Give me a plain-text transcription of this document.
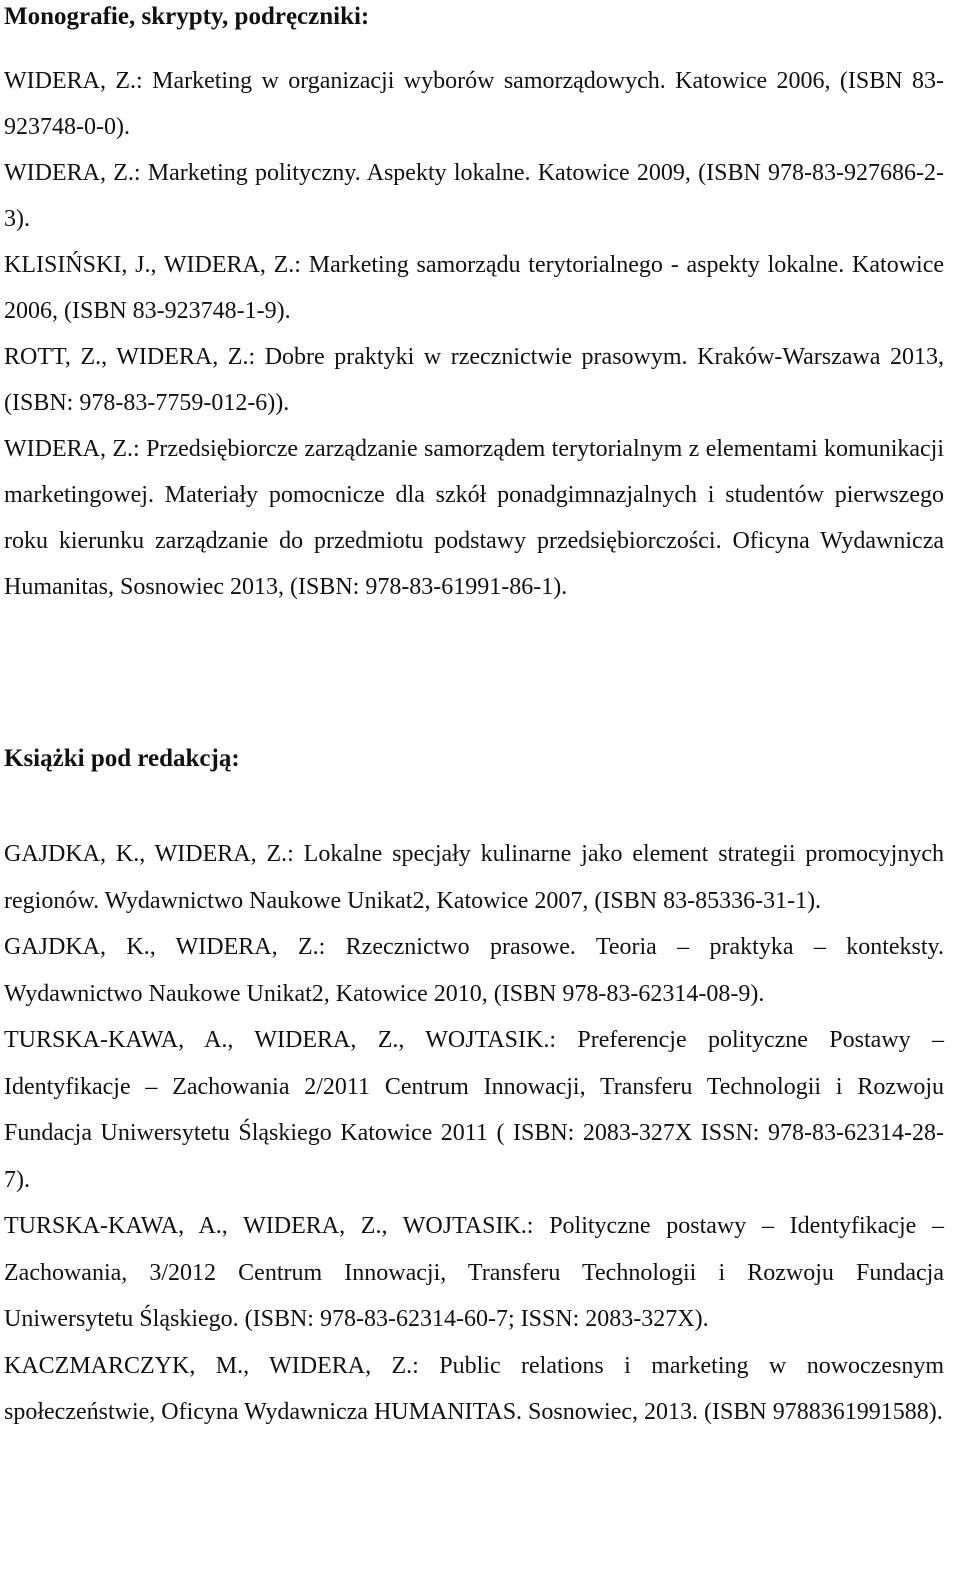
Monografie, skrypty, podręczniki:

WIDERA, Z.: Marketing w organizacji wyborów samorządowych. Katowice 2006, (ISBN 83-923748-0-0).

WIDERA, Z.: Marketing polityczny. Aspekty lokalne. Katowice 2009, (ISBN 978-83-927686-2-3).

KLISIŃSKI, J., WIDERA, Z.: Marketing samorządu terytorialnego - aspekty lokalne. Katowice 2006, (ISBN 83-923748-1-9).

ROTT, Z., WIDERA, Z.: Dobre praktyki w rzecznictwie prasowym. Kraków-Warszawa 2013, (ISBN: 978-83-7759-012-6)).

WIDERA, Z.: Przedsiębiorcze zarządzanie samorządem terytorialnym z elementami komunikacji marketingowej. Materiały pomocnicze dla szkół ponadgimnazjalnych i studentów pierwszego roku kierunku zarządzanie do przedmiotu podstawy przedsiębiorczości. Oficyna Wydawnicza Humanitas, Sosnowiec 2013, (ISBN: 978-83-61991-86-1).

Książki pod redakcją:

GAJDKA, K., WIDERA, Z.: Lokalne specjały kulinarne jako element strategii promocyjnych regionów. Wydawnictwo Naukowe Unikat2, Katowice 2007, (ISBN 83-85336-31-1).

GAJDKA, K., WIDERA, Z.: Rzecznictwo prasowe. Teoria – praktyka – konteksty. Wydawnictwo Naukowe Unikat2, Katowice 2010, (ISBN 978-83-62314-08-9).

TURSKA-KAWA, A., WIDERA, Z., WOJTASIK.: Preferencje polityczne Postawy – Identyfikacje – Zachowania 2/2011 Centrum Innowacji, Transferu Technologii i Rozwoju Fundacja Uniwersytetu Śląskiego Katowice 2011 ( ISBN: 2083-327X ISSN: 978-83-62314-28-7).

TURSKA-KAWA, A., WIDERA, Z., WOJTASIK.: Polityczne postawy – Identyfikacje – Zachowania, 3/2012 Centrum Innowacji, Transferu Technologii i Rozwoju Fundacja Uniwersytetu Śląskiego. (ISBN: 978-83-62314-60-7; ISSN: 2083-327X).

KACZMARCZYK, M., WIDERA, Z.: Public relations i marketing w nowoczesnym społeczeństwie, Oficyna Wydawnicza HUMANITAS. Sosnowiec, 2013. (ISBN 9788361991588).
